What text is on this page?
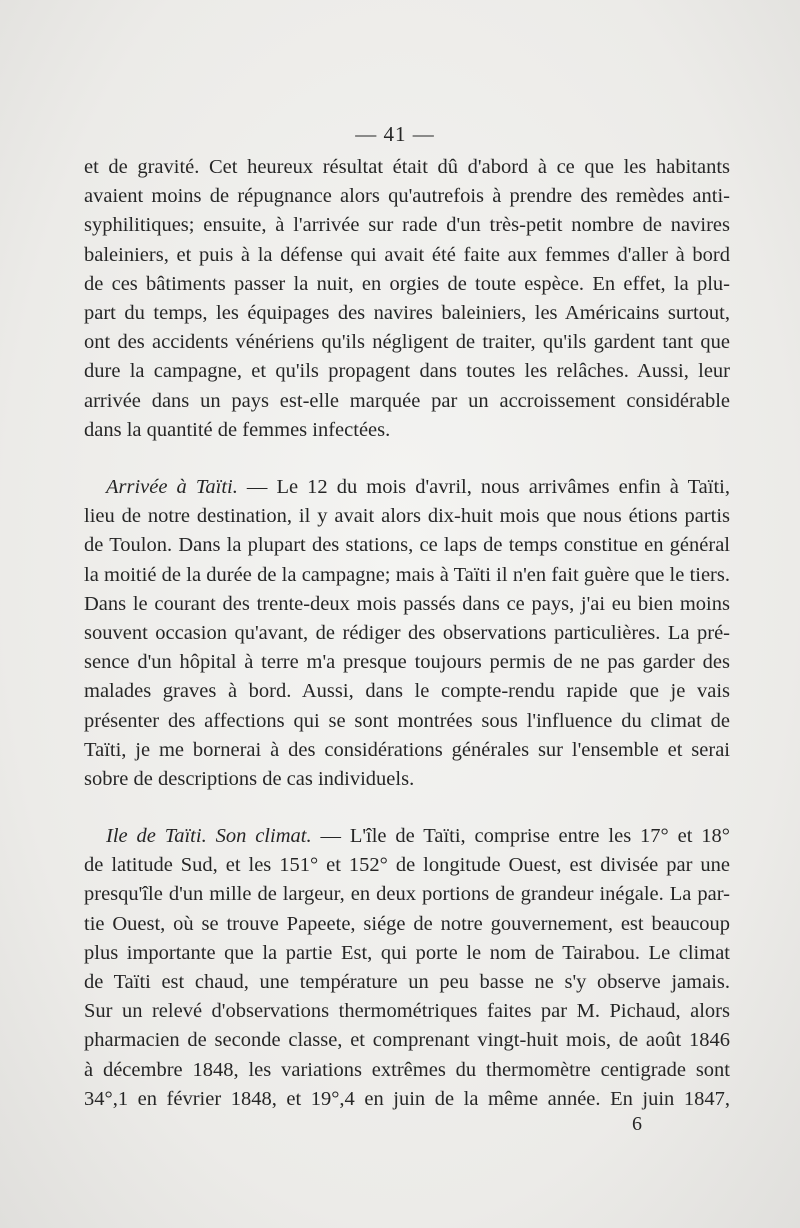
— 41 —
et de gravité. Cet heureux résultat était dû d'abord à ce que les habitants
avaient moins de répugnance alors qu'autrefois à prendre des remèdes anti-
syphilitiques; ensuite, à l'arrivée sur rade d'un très-petit nombre de navires
baleiniers, et puis à la défense qui avait été faite aux femmes d'aller à bord
de ces bâtiments passer la nuit, en orgies de toute espèce. En effet, la plu-
part du temps, les équipages des navires baleiniers, les Américains surtout,
ont des accidents vénériens qu'ils négligent de traiter, qu'ils gardent tant que
dure la campagne, et qu'ils propagent dans toutes les relâches. Aussi, leur
arrivée dans un pays est-elle marquée par un accroissement considérable
dans la quantité de femmes infectées.
Arrivée à Taïti. — Le 12 du mois d'avril, nous arrivâmes enfin à Taïti,
lieu de notre destination, il y avait alors dix-huit mois que nous étions partis
de Toulon. Dans la plupart des stations, ce laps de temps constitue en général
la moitié de la durée de la campagne; mais à Taïti il n'en fait guère que le tiers.
Dans le courant des trente-deux mois passés dans ce pays, j'ai eu bien moins
souvent occasion qu'avant, de rédiger des observations particulières. La pré-
sence d'un hôpital à terre m'a presque toujours permis de ne pas garder des
malades graves à bord. Aussi, dans le compte-rendu rapide que je vais
présenter des affections qui se sont montrées sous l'influence du climat de
Taïti, je me bornerai à des considérations générales sur l'ensemble et serai
sobre de descriptions de cas individuels.
Ile de Taïti. Son climat. — L'île de Taïti, comprise entre les 17° et 18°
de latitude Sud, et les 151° et 152° de longitude Ouest, est divisée par une
presqu'île d'un mille de largeur, en deux portions de grandeur inégale. La par-
tie Ouest, où se trouve Papeete, siége de notre gouvernement, est beaucoup
plus importante que la partie Est, qui porte le nom de Tairabou. Le climat
de Taïti est chaud, une température un peu basse ne s'y observe jamais.
Sur un relevé d'observations thermométriques faites par M. Pichaud, alors
pharmacien de seconde classe, et comprenant vingt-huit mois, de août 1846
à décembre 1848, les variations extrêmes du thermomètre centigrade sont
34°,1 en février 1848, et 19°,4 en juin de la même année. En juin 1847,
6
